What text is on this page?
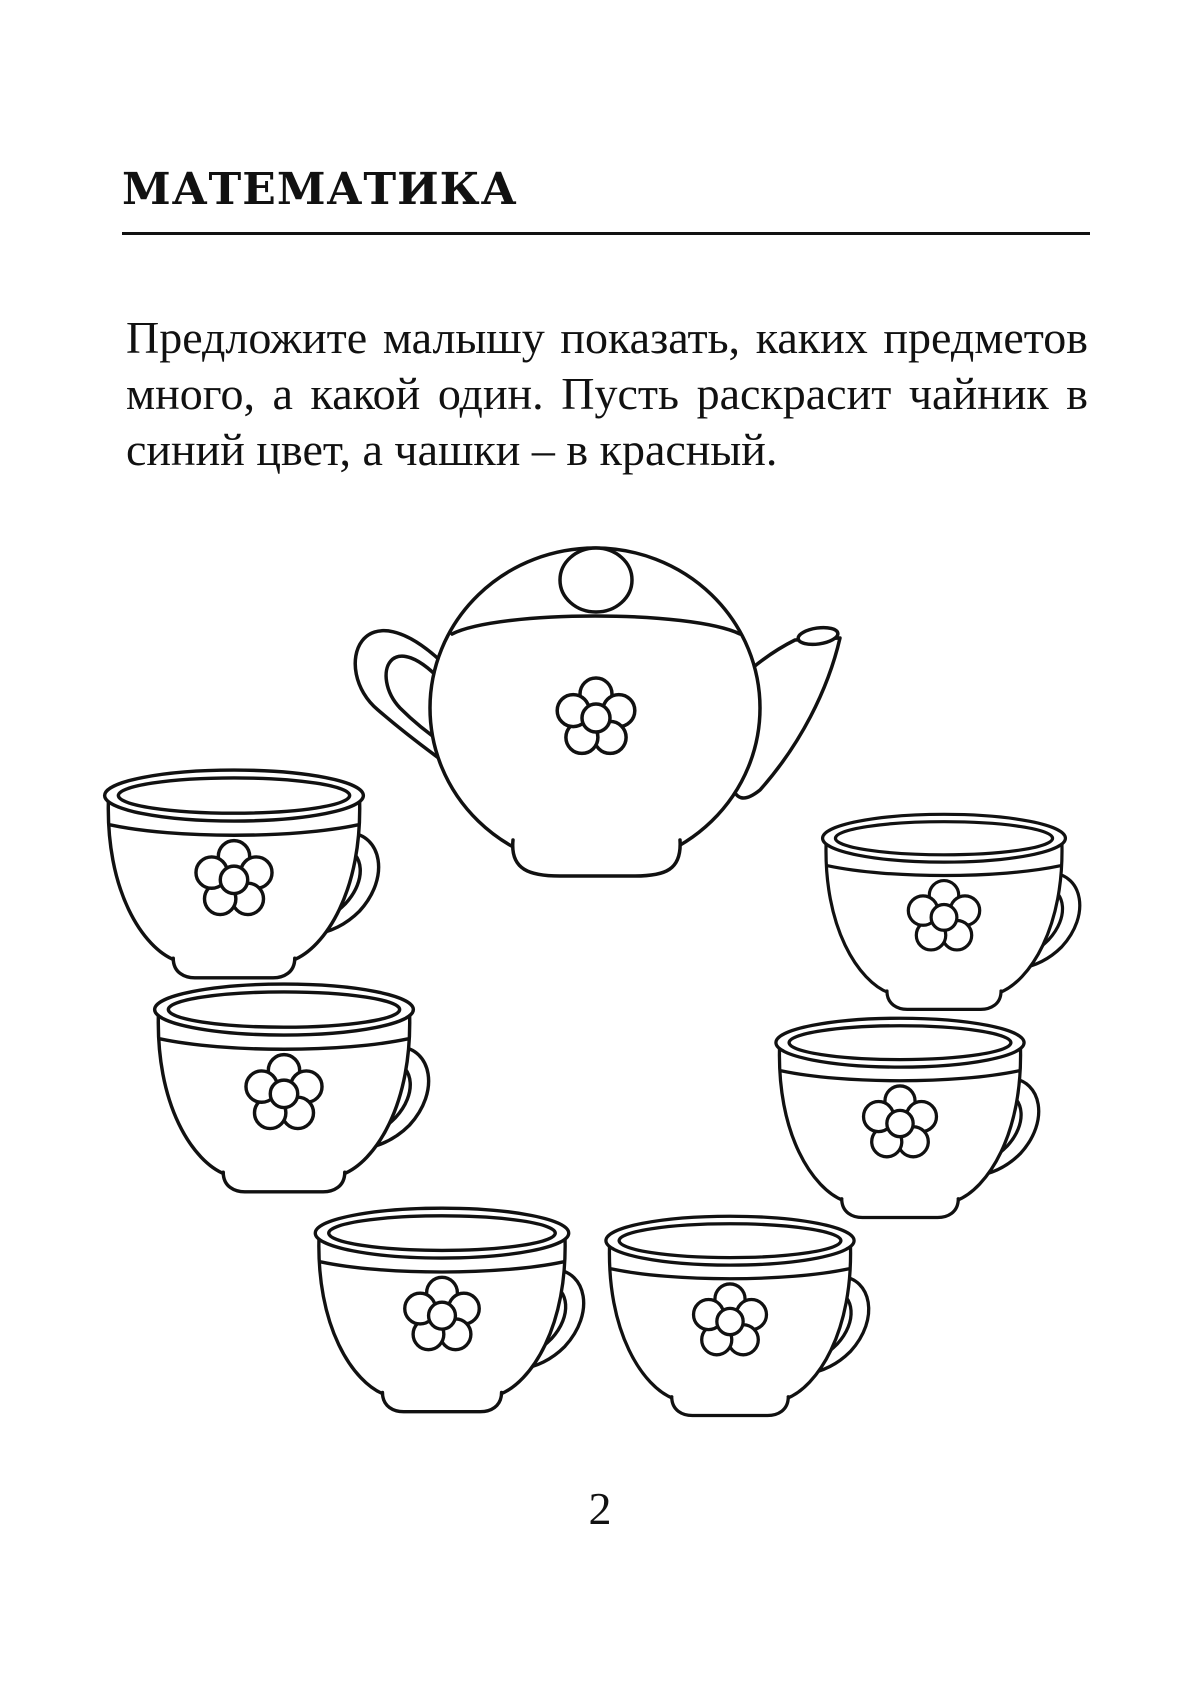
МАТЕМАТИКА
Предложите малышу показать, каких предметов много, а какой один. Пусть раскрасит чайник в синий цвет, а чашки – в красный.
2
